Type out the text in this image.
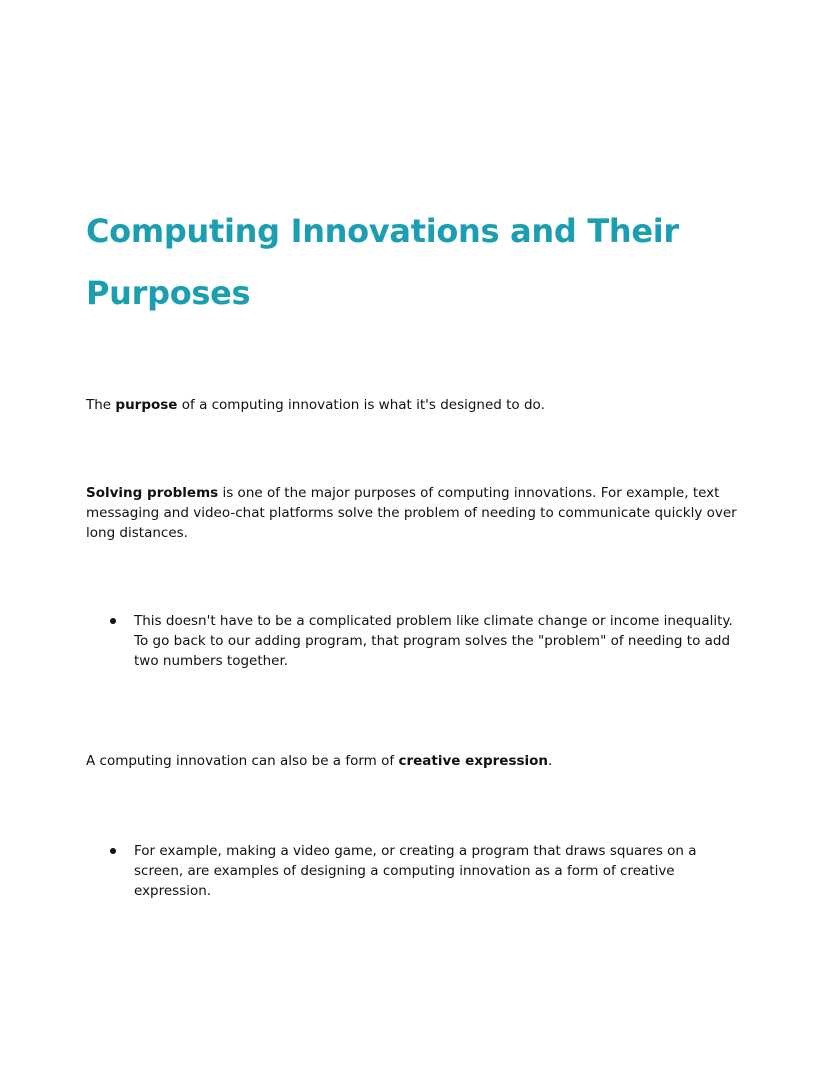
Computing Innovations and Their Purposes

The purpose of a computing innovation is what it's designed to do.

Solving problems is one of the major purposes of computing innovations. For example, text messaging and video-chat platforms solve the problem of needing to communicate quickly over long distances.

This doesn't have to be a complicated problem like climate change or income inequality. To go back to our adding program, that program solves the "problem" of needing to add two numbers together.

A computing innovation can also be a form of creative expression.

For example, making a video game, or creating a program that draws squares on a screen, are examples of designing a computing innovation as a form of creative expression.
